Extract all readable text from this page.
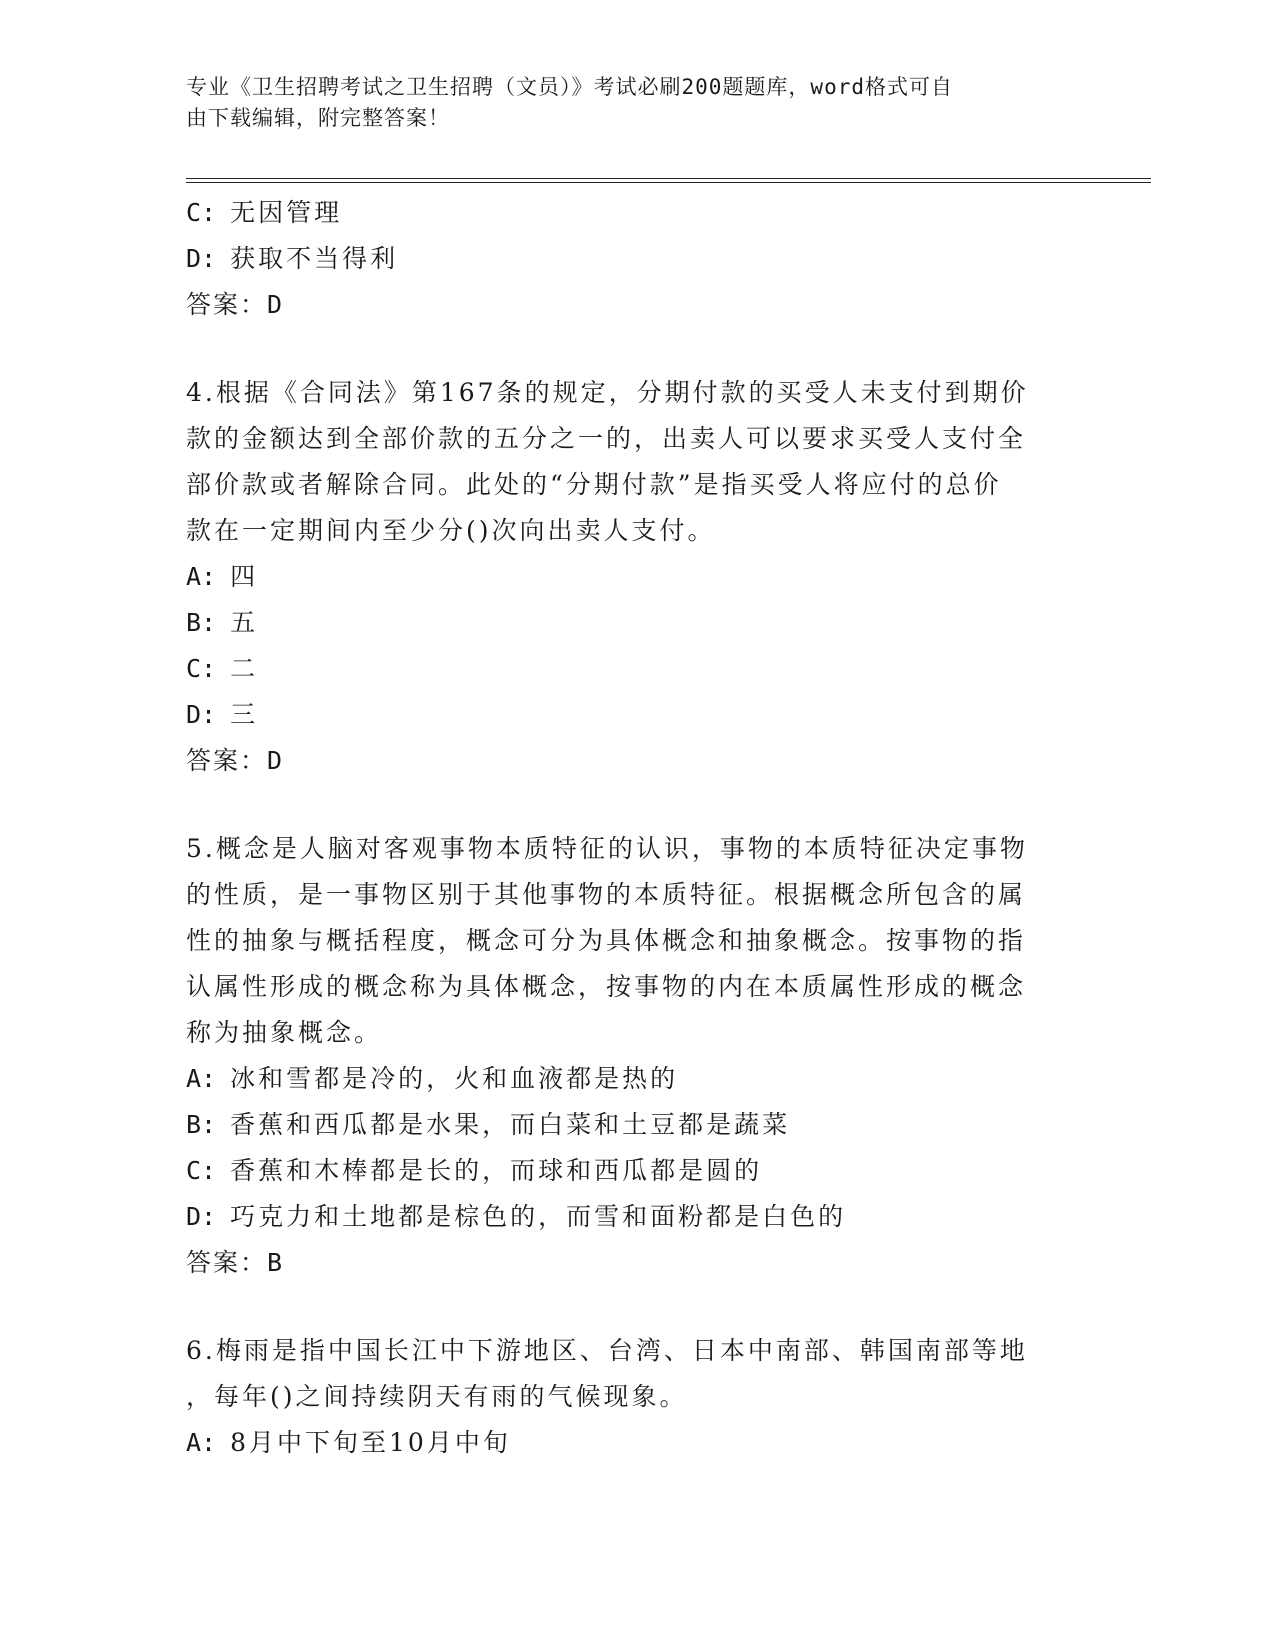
专业《卫生招聘考试之卫生招聘（文员）》考试必刷200题题库，word格式可自
由下载编辑，附完整答案！
C: 无因管理
D: 获取不当得利
答案：D
4.根据《合同法》第167条的规定，分期付款的买受人未支付到期价
款的金额达到全部价款的五分之一的，出卖人可以要求买受人支付全
部价款或者解除合同。此处的“分期付款”是指买受人将应付的总价
款在一定期间内至少分()次向出卖人支付。
A: 四
B: 五
C: 二
D: 三
答案：D
5.概念是人脑对客观事物本质特征的认识，事物的本质特征决定事物
的性质，是一事物区别于其他事物的本质特征。根据概念所包含的属
性的抽象与概括程度，概念可分为具体概念和抽象概念。按事物的指
认属性形成的概念称为具体概念，按事物的内在本质属性形成的概念
称为抽象概念。
A: 冰和雪都是冷的，火和血液都是热的
B: 香蕉和西瓜都是水果，而白菜和土豆都是蔬菜
C: 香蕉和木棒都是长的，而球和西瓜都是圆的
D: 巧克力和土地都是棕色的，而雪和面粉都是白色的
答案：B
6.梅雨是指中国长江中下游地区、台湾、日本中南部、韩国南部等地
，每年()之间持续阴天有雨的气候现象。
A: 8月中下旬至10月中旬
